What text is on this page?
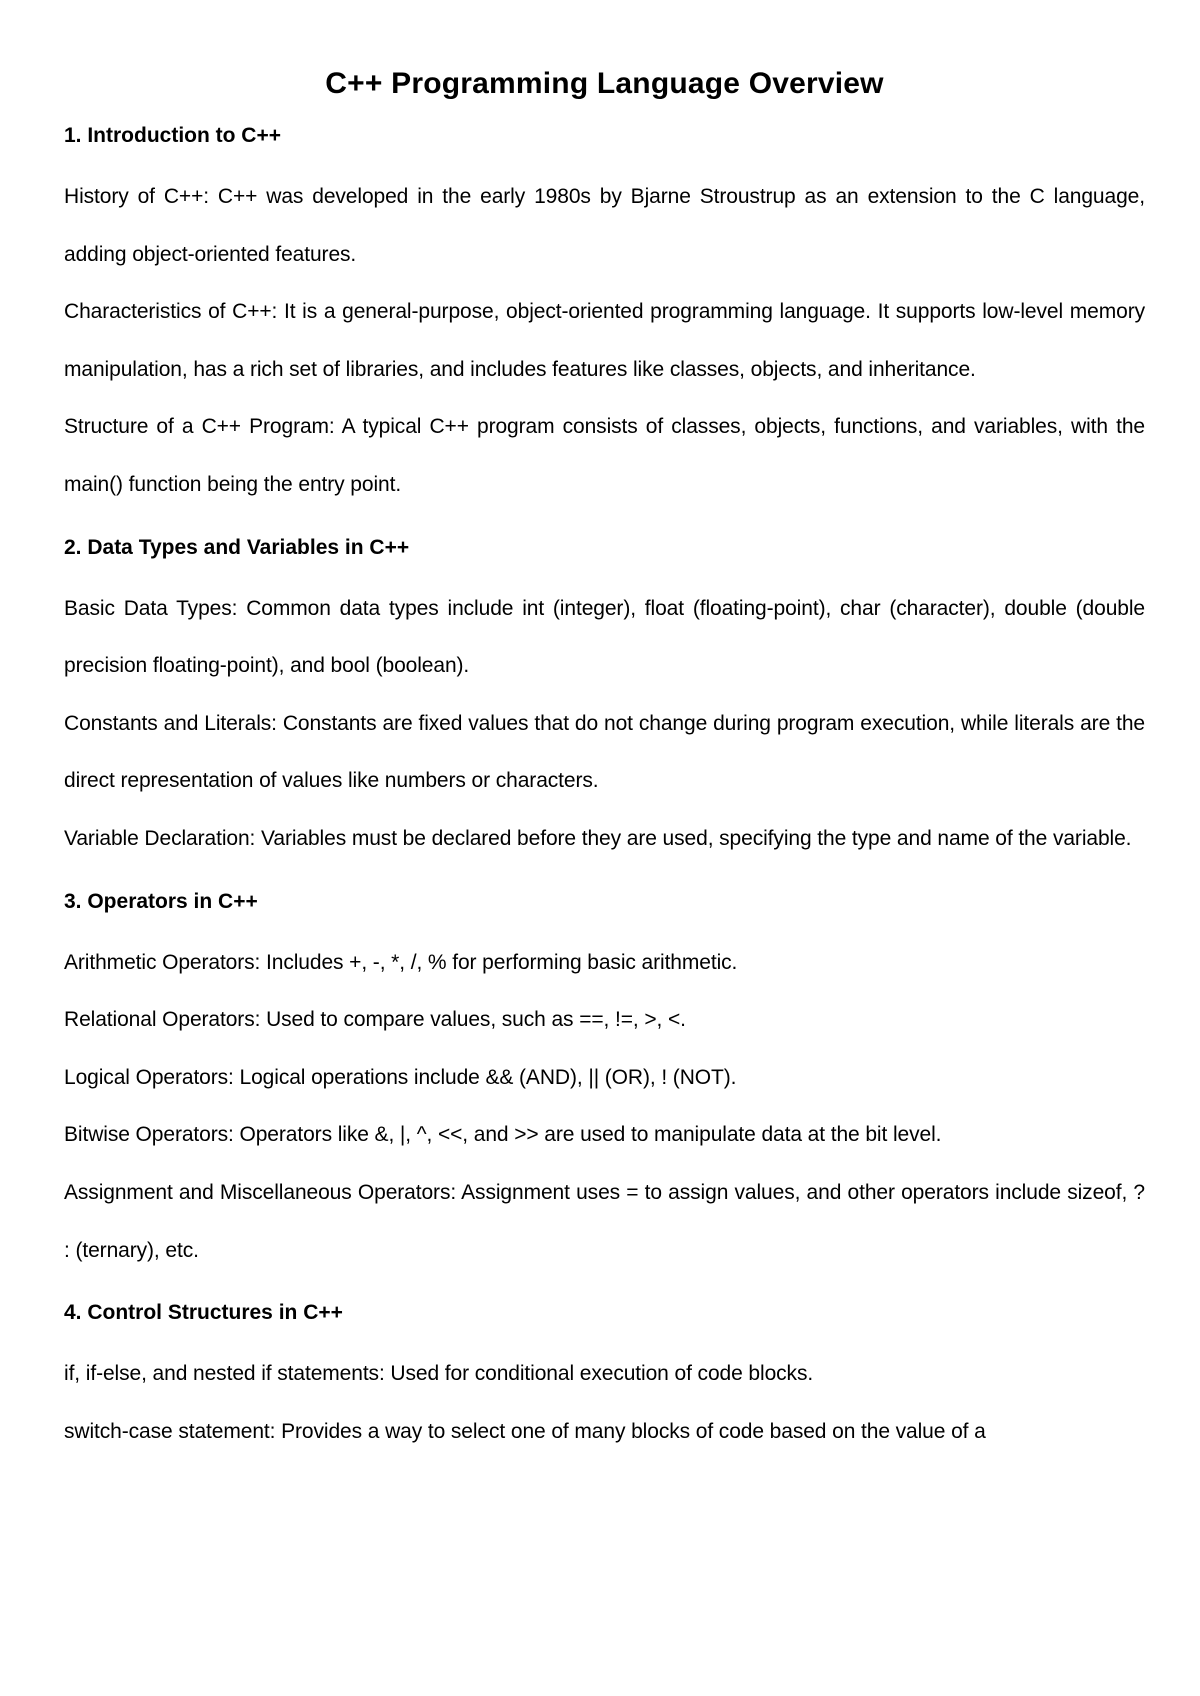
C++ Programming Language Overview
1. Introduction to C++

History of C++: C++ was developed in the early 1980s by Bjarne Stroustrup as an extension to the C language, adding object-oriented features.

Characteristics of C++: It is a general-purpose, object-oriented programming language. It supports low-level memory manipulation, has a rich set of libraries, and includes features like classes, objects, and inheritance.

Structure of a C++ Program: A typical C++ program consists of classes, objects, functions, and variables, with the main() function being the entry point.

2. Data Types and Variables in C++

Basic Data Types: Common data types include int (integer), float (floating-point), char (character), double (double precision floating-point), and bool (boolean).

Constants and Literals: Constants are fixed values that do not change during program execution, while literals are the direct representation of values like numbers or characters.

Variable Declaration: Variables must be declared before they are used, specifying the type and name of the variable.

3. Operators in C++

Arithmetic Operators: Includes +, -, *, /, % for performing basic arithmetic.

Relational Operators: Used to compare values, such as ==, !=, >, <.

Logical Operators: Logical operations include && (AND), || (OR), ! (NOT).

Bitwise Operators: Operators like &, |, ^, <<, and >> are used to manipulate data at the bit level.

Assignment and Miscellaneous Operators: Assignment uses = to assign values, and other operators include sizeof, ? : (ternary), etc.

4. Control Structures in C++

if, if-else, and nested if statements: Used for conditional execution of code blocks.

switch-case statement: Provides a way to select one of many blocks of code based on the value of a
